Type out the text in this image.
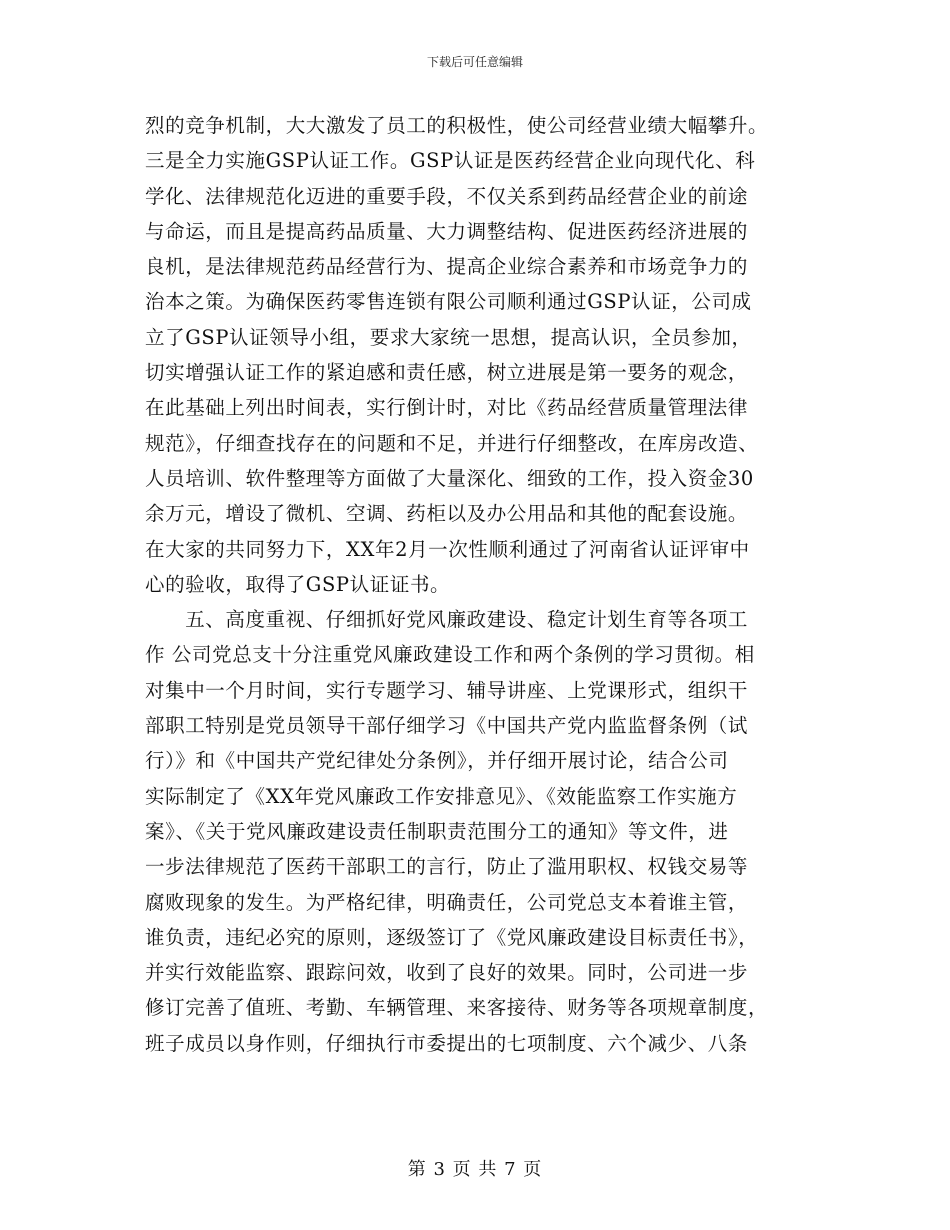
下载后可任意编辑
烈的竞争机制，大大激发了员工的积极性，使公司经营业绩大幅攀升。
三是全力实施GSP认证工作。GSP认证是医药经营企业向现代化、科
学化、法律规范化迈进的重要手段，不仅关系到药品经营企业的前途
与命运，而且是提高药品质量、大力调整结构、促进医药经济进展的
良机，是法律规范药品经营行为、提高企业综合素养和市场竞争力的
治本之策。为确保医药零售连锁有限公司顺利通过GSP认证，公司成
立了GSP认证领导小组，要求大家统一思想，提高认识，全员参加，
切实增强认证工作的紧迫感和责任感，树立进展是第一要务的观念，
在此基础上列出时间表，实行倒计时，对比《药品经营质量管理法律
规范》，仔细查找存在的问题和不足，并进行仔细整改，在库房改造、
人员培训、软件整理等方面做了大量深化、细致的工作，投入资金30
余万元，增设了微机、空调、药柜以及办公用品和其他的配套设施。
在大家的共同努力下，XX年2月一次性顺利通过了河南省认证评审中
心的验收，取得了GSP认证证书。
　　五、高度重视、仔细抓好党风廉政建设、稳定计划生育等各项工
作 公司党总支十分注重党风廉政建设工作和两个条例的学习贯彻。相
对集中一个月时间，实行专题学习、辅导讲座、上党课形式，组织干
部职工特别是党员领导干部仔细学习《中国共产党内监监督条例（试
行）》和《中国共产党纪律处分条例》，并仔细开展讨论，结合公司
实际制定了《XX年党风廉政工作安排意见》、《效能监察工作实施方
案》、《关于党风廉政建设责任制职责范围分工的通知》等文件，进
一步法律规范了医药干部职工的言行，防止了滥用职权、权钱交易等
腐败现象的发生。为严格纪律，明确责任，公司党总支本着谁主管，
谁负责，违纪必究的原则，逐级签订了《党风廉政建设目标责任书》，
并实行效能监察、跟踪问效，收到了良好的效果。同时，公司进一步
修订完善了值班、考勤、车辆管理、来客接待、财务等各项规章制度，
班子成员以身作则，仔细执行市委提出的七项制度、六个减少、八条
第 3 页 共 7 页
